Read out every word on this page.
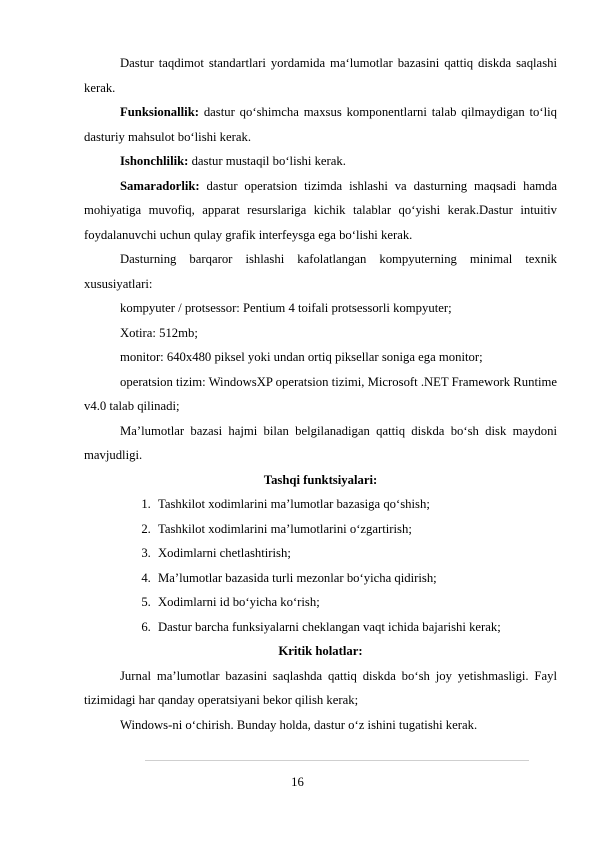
Dastur taqdimot standartlari yordamida ma‘lumotlar bazasini qattiq diskda saqlashi kerak.

Funksionallik: dastur qo‘shimcha maxsus komponentlarni talab qilmaydigan to‘liq dasturiy mahsulot bo‘lishi kerak.

Ishonchlilik: dastur mustaqil bo‘lishi kerak.

Samaradorlik: dastur operatsion tizimda ishlashi va dasturning maqsadi hamda mohiyatiga muvofiq, apparat resurslariga kichik talablar qo‘yishi kerak.Dastur intuitiv foydalanuvchi uchun qulay grafik interfeysga ega bo‘lishi kerak.

Dasturning barqaror ishlashi kafolatlangan kompyuterning minimal texnik xususiyatlari:

kompyuter / protsessor: Pentium 4 toifali protsessorli kompyuter;

Xotira: 512mb;

monitor: 640x480 piksel yoki undan ortiq piksellar soniga ega monitor;

operatsion tizim: WindowsXP operatsion tizimi, Microsoft .NET Framework Runtime v4.0 talab qilinadi;

Ma’lumotlar bazasi hajmi bilan belgilanadigan qattiq diskda bo‘sh disk maydoni mavjudligi.

Tashqi funktsiyalari:

1. Tashkilot xodimlarini ma’lumotlar bazasiga qo‘shish;
2. Tashkilot xodimlarini ma’lumotlarini o‘zgartirish;
3. Xodimlarni chetlashtirish;
4. Ma’lumotlar bazasida turli mezonlar bo‘yicha qidirish;
5. Xodimlarni id bo‘yicha ko‘rish;
6. Dastur barcha funksiyalarni cheklangan vaqt ichida bajarishi kerak;

Kritik holatlar:

Jurnal ma’lumotlar bazasini saqlashda qattiq diskda bo‘sh joy yetishmasligi. Fayl tizimidagi har qanday operatsiyani bekor qilish kerak;

Windows-ni o‘chirish. Bunday holda, dastur o‘z ishini tugatishi kerak.

16
